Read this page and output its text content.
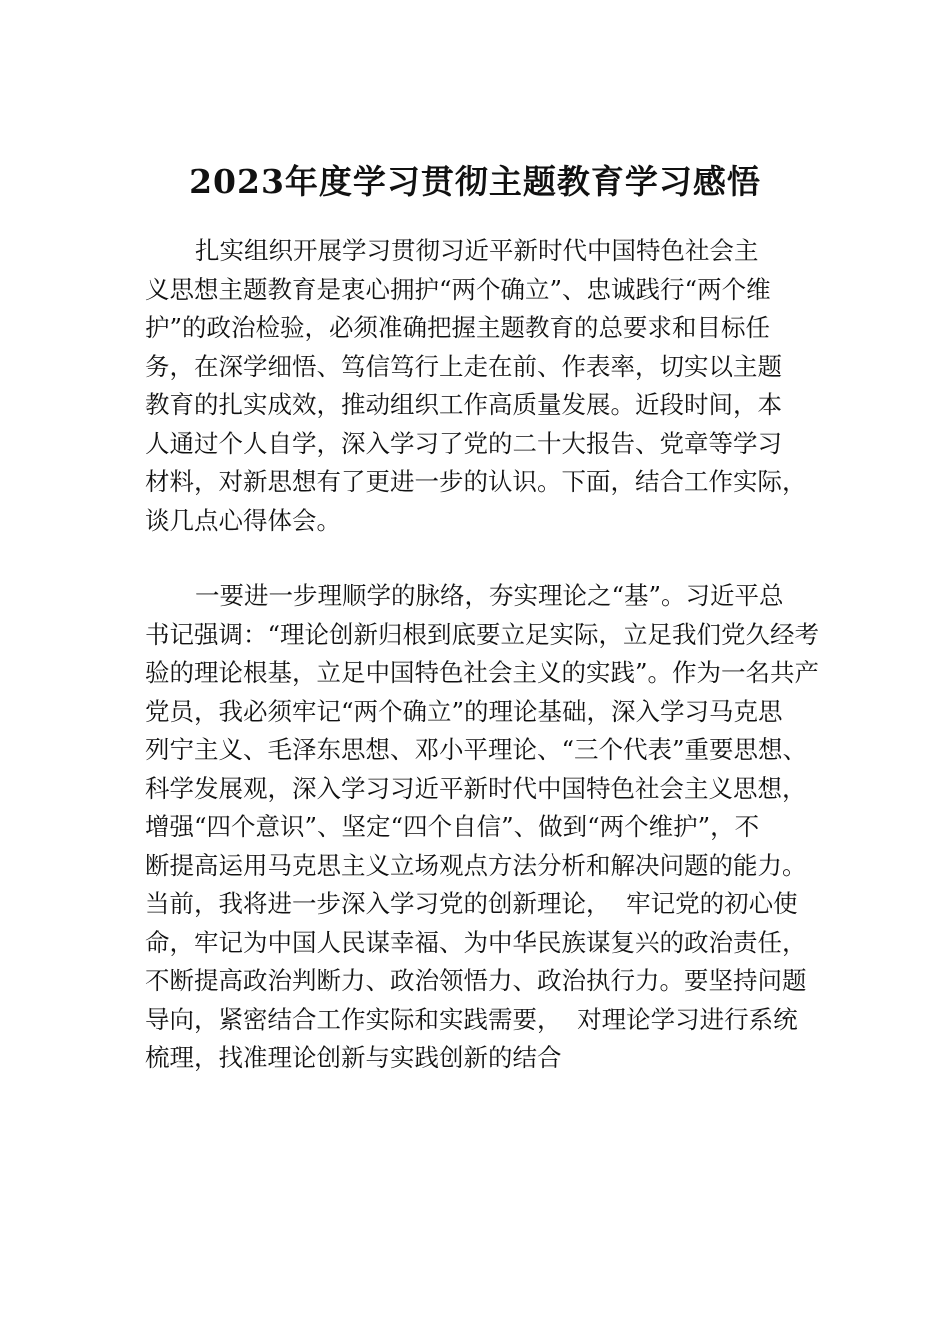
2023年度学习贯彻主题教育学习感悟
扎实组织开展学习贯彻习近平新时代中国特色社会主
义思想主题教育是衷心拥护“两个确立”、忠诚践行“两个维
护”的政治检验，必须准确把握主题教育的总要求和目标任
务，在深学细悟、笃信笃行上走在前、作表率，切实以主题
教育的扎实成效，推动组织工作高质量发展。近段时间，本
人通过个人自学，深入学习了党的二十大报告、党章等学习
材料，对新思想有了更进一步的认识。下面，结合工作实际，
谈几点心得体会。
一要进一步理顺学的脉络，夯实理论之“基”。习近平总
书记强调：“理论创新归根到底要立足实际，立足我们党久经考
验的理论根基，立足中国特色社会主义的实践”。作为一名共产
党员，我必须牢记“两个确立”的理论基础，深入学习马克思
列宁主义、毛泽东思想、邓小平理论、“三个代表”重要思想、
科学发展观，深入学习习近平新时代中国特色社会主义思想，
增强“四个意识”、坚定“四个自信”、做到“两个维护”，不
断提高运用马克思主义立场观点方法分析和解决问题的能力。
当前，我将进一步深入学习党的创新理论，  牢记党的初心使
命，牢记为中国人民谋幸福、为中华民族谋复兴的政治责任，
不断提高政治判断力、政治领悟力、政治执行力。要坚持问题
导向，紧密结合工作实际和实践需要，  对理论学习进行系统
梳理，找准理论创新与实践创新的结合
